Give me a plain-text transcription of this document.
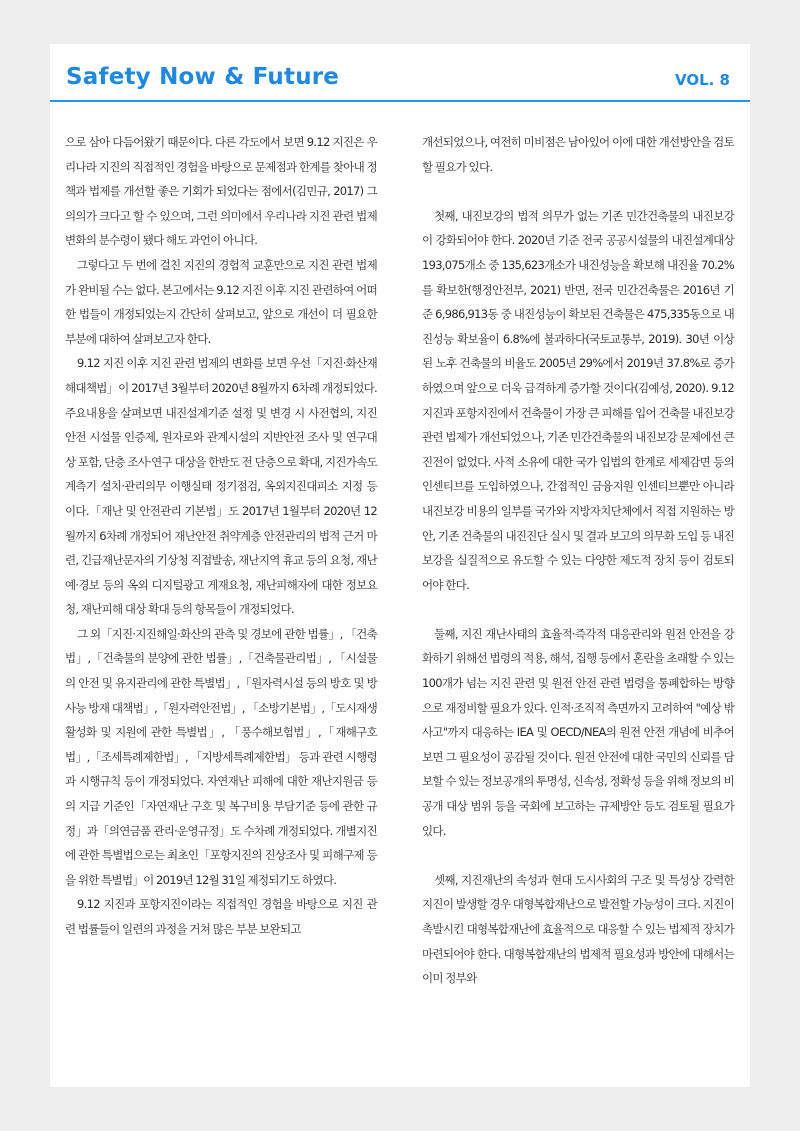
Safety Now & Future	VOL. 8

으로 삼아 다듬어왔기 때문이다. 다른 각도에서 보면 9.12 지진은 우리나라 지진의 직접적인 경험을 바탕으로 문제점과 한계를 찾아내 정책과 법제를 개선할 좋은 기회가 되었다는 점에서(김민규, 2017) 그 의의가 크다고 할 수 있으며, 그런 의미에서 우리나라 지진 관련 법제 변화의 분수령이 됐다 해도 과언이 아니다.

그렇다고 두 번에 걸친 지진의 경험적 교훈만으로 지진 관련 법제가 완비될 수는 없다. 본고에서는 9.12 지진 이후 지진 관련하여 어떠한 법들이 개정되었는지 간단히 살펴보고, 앞으로 개선이 더 필요한 부분에 대하여 살펴보고자 한다.

9.12 지진 이후 지진 관련 법제의 변화를 보면 우선「지진·화산재해대책법」이 2017년 3월부터 2020년 8월까지 6차례 개정되었다. 주요내용을 살펴보면 내진설계기준 설정 및 변경 시 사전협의, 지진안전 시설물 인증제, 원자로와 관계시설의 지반안전 조사 및 연구대상 포함, 단층 조사·연구 대상을 한반도 전 단층으로 확대, 지진가속도 계측기 설치·관리의무 이행실태 정기점검, 옥외지진대피소 지정 등이다.「재난 및 안전관리 기본법」도 2017년 1월부터 2020년 12월까지 6차례 개정되어 재난안전 취약계층 안전관리의 법적 근거 마련, 긴급재난문자의 기상청 직접발송, 재난지역 휴교 등의 요청, 재난 예·경보 등의 옥외 디지털광고 게재요청, 재난피해자에 대한 정보요청, 재난피해 대상 확대 등의 항목들이 개정되었다.

그 외「지진·지진해일·화산의 관측 및 경보에 관한 법률」, 「건축법」,「건축물의 분양에 관한 법률」,「건축물관리법」, 「시설물의 안전 및 유지관리에 관한 특별법」,「원자력시설 등의 방호 및 방사능 방재 대책법」,「원자력안전법」, 「소방기본법」,「도시재생 활성화 및 지원에 관한 특별법」, 「풍수해보험법」,「재해구호법」,「조세특례제한법」, 「지방세특례제한법」 등과 관련 시행령과 시행규칙 등이 개정되었다. 자연재난 피해에 대한 재난지원금 등의 지급 기준인「자연재난 구호 및 복구비용 부담기준 등에 관한 규정」과「의연금품 관리·운영규정」도 수차례 개정되었다. 개별지진에 관한 특별법으로는 최초인「포항지진의 진상조사 및 피해구제 등을 위한 특별법」이 2019년 12월 31일 제정되기도 하였다.

9.12 지진과 포항지진이라는 직접적인 경험을 바탕으로 지진 관련 법률들이 일련의 과정을 거쳐 많은 부분 보완되고

개선되었으나, 여전히 미비점은 남아있어 이에 대한 개선방안을 검토할 필요가 있다.

첫째, 내진보강의 법적 의무가 없는 기존 민간건축물의 내진보강이 강화되어야 한다. 2020년 기준 전국 공공시설물의 내진설계대상 193,075개소 중 135,623개소가 내진성능을 확보해 내진율 70.2%를 확보한(행정안전부, 2021) 반면, 전국 민간건축물은 2016년 기준 6,986,913동 중 내진성능이 확보된 건축물은 475,335동으로 내진성능 확보율이 6.8%에 불과하다(국토교통부, 2019). 30년 이상된 노후 건축물의 비율도 2005년 29%에서 2019년 37.8%로 증가하였으며 앞으로 더욱 급격하게 증가할 것이다(김예성, 2020). 9.12 지진과 포항지진에서 건축물이 가장 큰 피해를 입어 건축물 내진보강 관련 법제가 개선되었으나, 기존 민간건축물의 내진보강 문제에선 큰 진전이 없었다. 사적 소유에 대한 국가 입법의 한계로 세제감면 등의 인센티브를 도입하였으나, 간접적인 금융지원 인센티브뿐만 아니라 내진보강 비용의 일부를 국가와 지방자치단체에서 직접 지원하는 방안, 기존 건축물의 내진진단 실시 및 결과 보고의 의무화 도입 등 내진보강을 실질적으로 유도할 수 있는 다양한 제도적 장치 등이 검토되어야 한다.

둘째, 지진 재난사태의 효율적·즉각적 대응관리와 원전 안전을 강화하기 위해선 법령의 적용, 해석, 집행 등에서 혼란을 초래할 수 있는 100개가 넘는 지진 관련 및 원전 안전 관련 법령을 통폐합하는 방향으로 재정비할 필요가 있다. 인적·조직적 측면까지 고려하여 "예상 밖 사고"까지 대응하는 IEA 및 OECD/NEA의 원전 안전 개념에 비추어 보면 그 필요성이 공감될 것이다. 원전 안전에 대한 국민의 신뢰를 담보할 수 있는 정보공개의 투명성, 신속성, 정확성 등을 위해 정보의 비공개 대상 범위 등을 국회에 보고하는 규제방안 등도 검토될 필요가 있다.

셋째, 지진재난의 속성과 현대 도시사회의 구조 및 특성상 강력한 지진이 발생할 경우 대형복합재난으로 발전할 가능성이 크다. 지진이 촉발시킨 대형복합재난에 효율적으로 대응할 수 있는 법제적 장치가 마련되어야 한다. 대형복합재난의 법제적 필요성과 방안에 대해서는 이미 정부와
